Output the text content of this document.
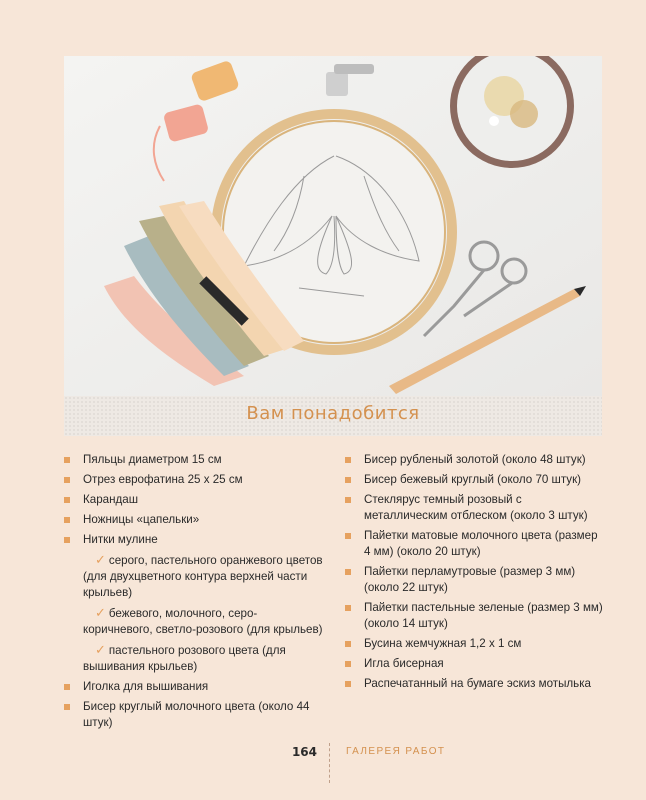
Вам понадобится
Пяльцы диаметром 15 см
Отрез еврофатина 25 х 25 см
Карандаш
Ножницы «цапельки»
Нитки мулине
✓ серого, пастельного оранжевого цветов (для двухцветного контура верхней части крыльев)
✓ бежевого, молочного, серо-коричневого, светло-розового (для крыльев)
✓ пастельного розового цвета (для вышивания крыльев)
Иголка для вышивания
Бисер круглый молочного цвета (около 44 штук)
Бисер рубленый золотой (около 48 штук)
Бисер бежевый круглый (около 70 штук)
Стеклярус темный розовый с металлическим отблеском (около 3 штук)
Пайетки матовые молочного цвета (размер 4 мм) (около 20 штук)
Пайетки перламутровые (размер 3 мм) (около 22 штук)
Пайетки пастельные зеленые (размер 3 мм) (около 14 штук)
Бусина жемчужная 1,2 х 1 см
Игла бисерная
Распечатанный на бумаге эскиз мотылька
164	ГАЛЕРЕЯ РАБОТ
